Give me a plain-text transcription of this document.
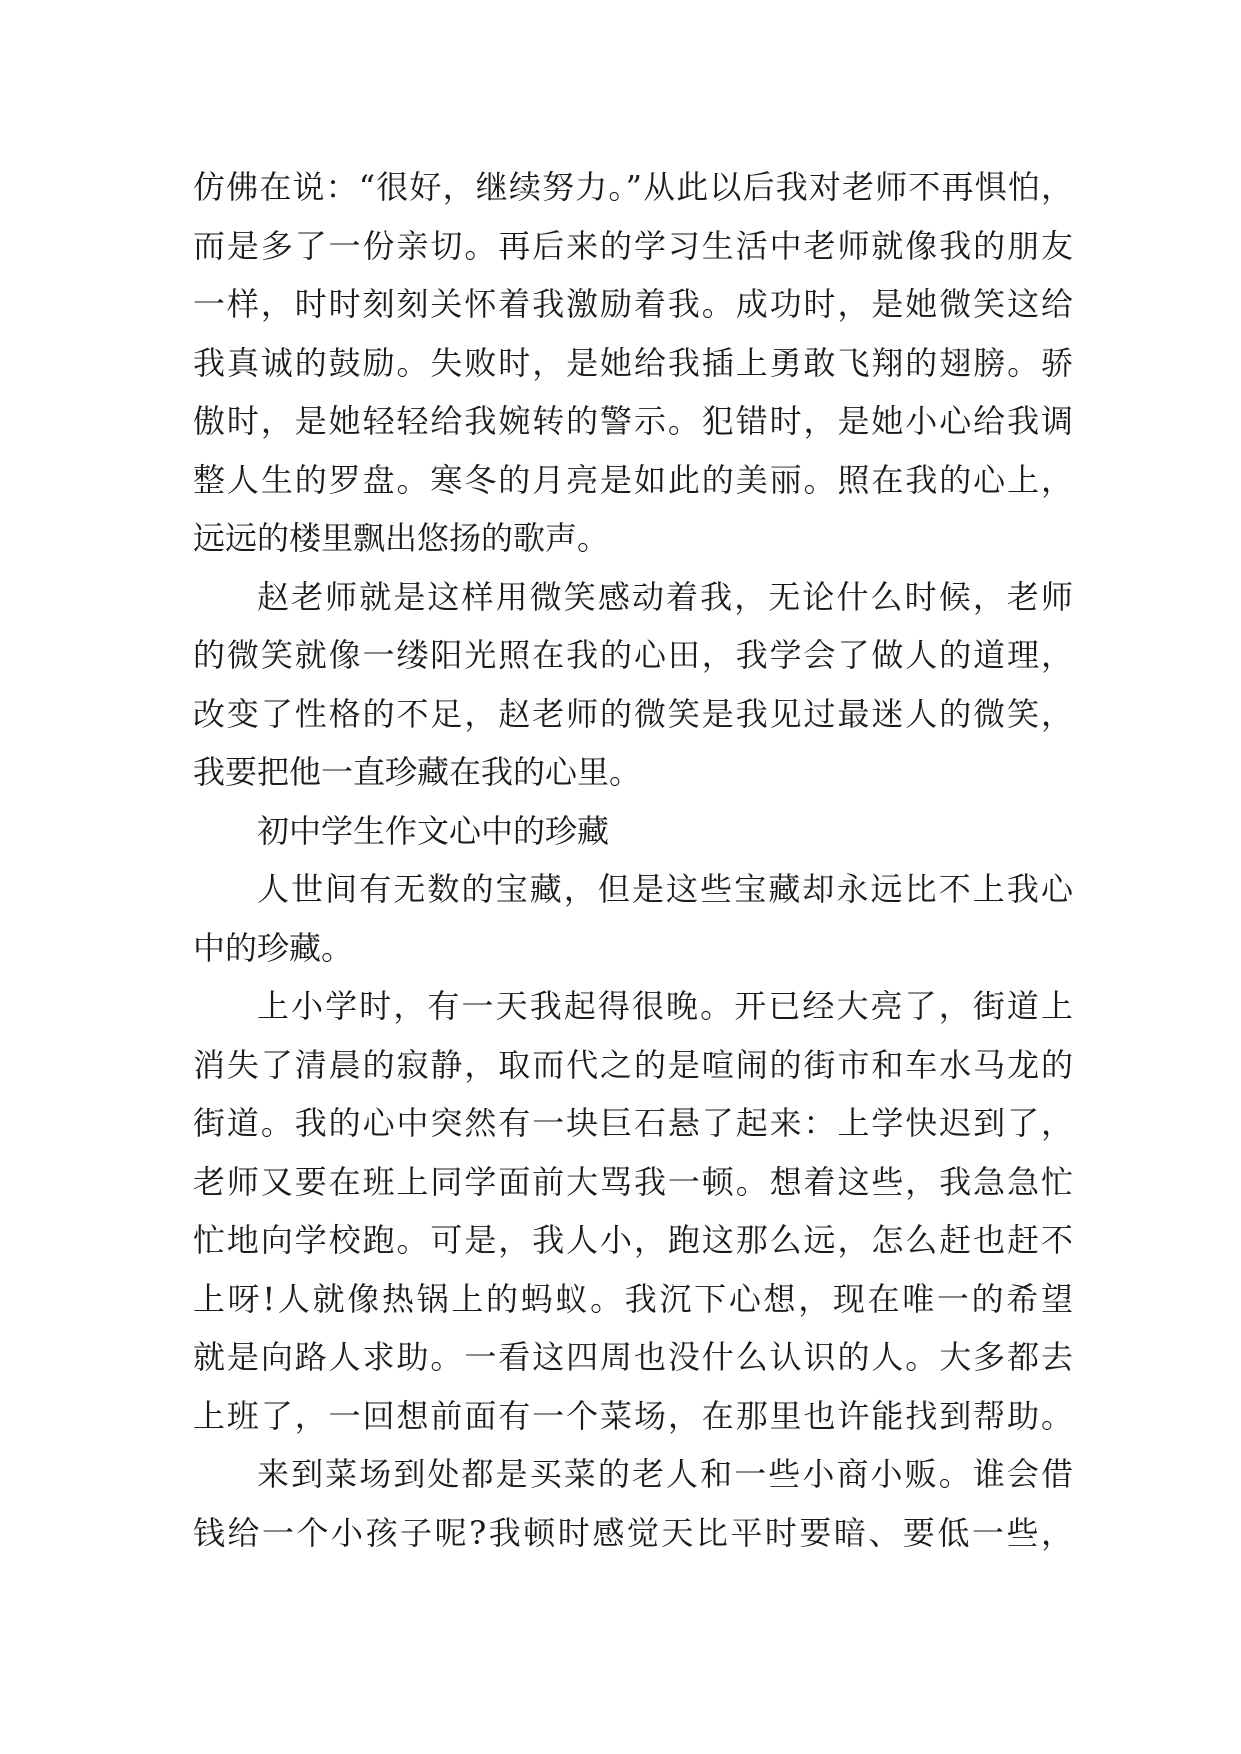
仿佛在说：“很好，继续努力。”从此以后我对老师不再惧怕，
而是多了一份亲切。再后来的学习生活中老师就像我的朋友
一样，时时刻刻关怀着我激励着我。成功时，是她微笑这给
我真诚的鼓励。失败时，是她给我插上勇敢飞翔的翅膀。骄
傲时，是她轻轻给我婉转的警示。犯错时，是她小心给我调
整人生的罗盘。寒冬的月亮是如此的美丽。照在我的心上，
远远的楼里飘出悠扬的歌声。
赵老师就是这样用微笑感动着我，无论什么时候，老师
的微笑就像一缕阳光照在我的心田，我学会了做人的道理，
改变了性格的不足，赵老师的微笑是我见过最迷人的微笑，
我要把他一直珍藏在我的心里。
初中学生作文心中的珍藏
人世间有无数的宝藏，但是这些宝藏却永远比不上我心
中的珍藏。
上小学时，有一天我起得很晚。开已经大亮了，街道上
消失了清晨的寂静，取而代之的是喧闹的街市和车水马龙的
街道。我的心中突然有一块巨石悬了起来：上学快迟到了，
老师又要在班上同学面前大骂我一顿。想着这些，我急急忙
忙地向学校跑。可是，我人小，跑这那么远，怎么赶也赶不
上呀!人就像热锅上的蚂蚁。我沉下心想，现在唯一的希望
就是向路人求助。一看这四周也没什么认识的人。大多都去
上班了，一回想前面有一个菜场，在那里也许能找到帮助。
来到菜场到处都是买菜的老人和一些小商小贩。谁会借
钱给一个小孩子呢?我顿时感觉天比平时要暗、要低一些，
